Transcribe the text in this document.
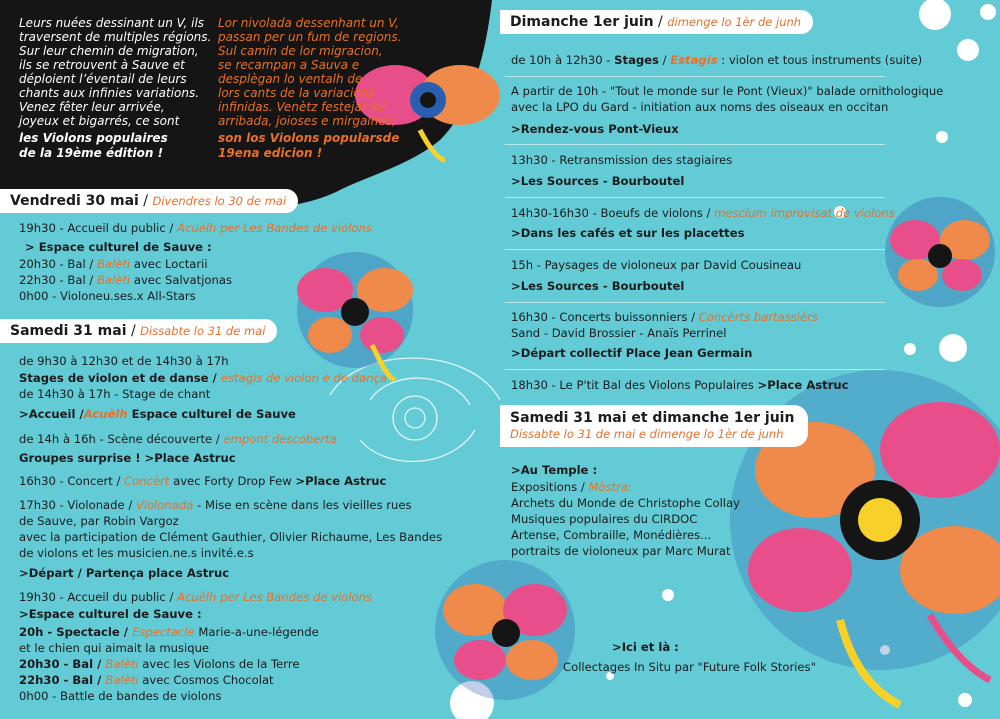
Leurs nuées dessinant un V, ils
traversent de multiples régions.
Sur leur chemin de migration,
ils se retrouvent à Sauve et
déploient l’éventail de leurs
chants aux infinies variations.
Venez fêter leur arrivée,
joyeux et bigarrés, ce sont
les Violons populaires
de la 19ème édition !
Lor nivolada dessenhant un V,
passan per un fum de regions.
Sul camin de lor migracion,
se recampan a Sauva e
desplègan lo ventalh de
lors cants de la variacions
infinidas. Venètz festejar lor
arribada, joioses e mirgalhes,
son los Violons popularsde
19ena edicion !
Vendredi 30 mai / Divendres lo 30 de mai
19h30 - Accueil du public / Acuèlh per Les Bandes de violons
> Espace culturel de Sauve :
20h30 - Bal / Balèti avec Loctarii
22h30 - Bal / Balèti avec Salvatjonas
0h00 - Violoneu.ses.x All-Stars
Samedi 31 mai / Dissabte lo 31 de mai
de 9h30 à 12h30 et de 14h30 à 17h
Stages de violon et de danse / estagis de violon e de dança
de 14h30 à 17h - Stage de chant
>Accueil /Acuèlh Espace culturel de Sauve
de 14h à 16h - Scène découverte / empont descoberta
Groupes surprise ! >Place Astruc
16h30 - Concert / Concèrt avec Forty Drop Few >Place Astruc
17h30 - Violonade / Violonada - Mise en scène dans les vieilles rues
de Sauve, par Robin Vargoz
avec la participation de Clément Gauthier, Olivier Richaume, Les Bandes
de violons et les musicien.ne.s invité.e.s
>Départ / Partença place Astruc
19h30 - Accueil du public / Acuèlh per Les Bandes de violons
>Espace culturel de Sauve :
20h - Spectacle / Espectacle Marie-a-une-légende
et le chien qui aimait la musique
20h30 - Bal / Balèti avec les Violons de la Terre
22h30 - Bal / Balèti avec Cosmos Chocolat
0h00 - Battle de bandes de violons
Dimanche 1er juin / dimenge lo 1èr de junh
de 10h à 12h30 - Stages / Estagis : violon et tous instruments (suite)
A partir de 10h - "Tout le monde sur le Pont (Vieux)" balade ornithologique
avec la LPO du Gard - initiation aux noms des oiseaux en occitan
>Rendez-vous Pont-Vieux
13h30 - Retransmission des stagiaires
>Les Sources - Bourboutel
14h30-16h30 - Boeufs de violons / mesclum improvisat de violons
>Dans les cafés et sur les placettes
15h - Paysages de violoneux par David Cousineau
>Les Sources - Bourboutel
16h30 - Concerts buissonniers / Concèrts bartassièrs
Sand - David Brossier - Anaïs Perrinel
>Départ collectif Place Jean Germain
18h30 - Le P'tit Bal des Violons Populaires >Place Astruc
Samedi 31 mai et dimanche 1er juin
Dissabte lo 31 de mai e dimenge lo 1èr de junh
>Au Temple :
Expositions / Mòstra:
Archets du Monde de Christophe Collay
Musiques populaires du CIRDOC
Artense, Combraille, Monédières...
portraits de violoneux par Marc Murat
>Ici et là :
Collectages In Situ par "Future Folk Stories"
